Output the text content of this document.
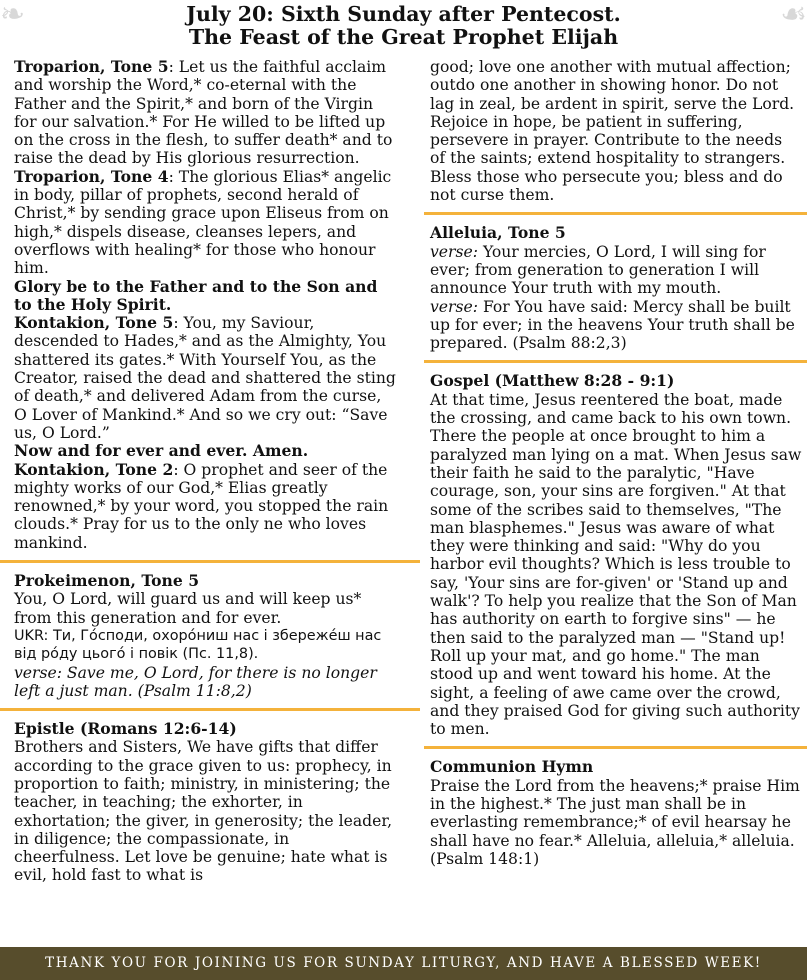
❧	☙
July 20: Sixth Sunday after Pentecost.
The Feast of the Great Prophet Elijah

Troparion, Tone 5: Let us the faithful acclaim and worship the Word,* co-eternal with the Father and the Spirit,* and born of the Virgin for our salvation.* For He willed to be lifted up on the cross in the flesh, to suffer death* and to raise the dead by His glorious resurrection.

Troparion, Tone 4: The glorious Elias* angelic in body, pillar of prophets, second herald of Christ,* by sending grace upon Eliseus from on high,* dispels disease, cleanses lepers, and overflows with healing* for those who honour him.

Glory be to the Father and to the Son and to the Holy Spirit.

Kontakion, Tone 5: You, my Saviour, descended to Hades,* and as the Almighty, You shattered its gates.* With Yourself You, as the Creator, raised the dead and shattered the sting of death,* and delivered Adam from the curse, O Lover of Mankind.* And so we cry out: “Save us, O Lord.”

Now and for ever and ever. Amen.

Kontakion, Tone 2: O prophet and seer of the mighty works of our God,* Elias greatly renowned,* by your word, you stopped the rain clouds.* Pray for us to the only ne who loves mankind.

Prokeimenon, Tone 5

You, O Lord, will guard us and will keep us* from this generation and for ever.

UKR: Ти, Го́споди, охоро́ниш нас і збереже́ш нас від ро́ду цього́ і повік (Пс. 11,8).

verse: Save me, O Lord, for there is no longer left a just man. (Psalm 11:8,2)

Epistle (Romans 12:6-14)

Brothers and Sisters, We have gifts that differ according to the grace given to us: prophecy, in proportion to faith; ministry, in ministering; the teacher, in teaching; the exhorter, in exhortation; the giver, in generosity; the leader, in diligence; the compassionate, in cheerfulness. Let love be genuine; hate what is evil, hold fast to what is

good; love one another with mutual affection; outdo one another in showing honor. Do not lag in zeal, be ardent in spirit, serve the Lord. Rejoice in hope, be patient in suffering, persevere in prayer. Contribute to the needs of the saints; extend hospitality to strangers. Bless those who persecute you; bless and do not curse them.

Alleluia, Tone 5

verse: Your mercies, O Lord, I will sing for ever; from generation to generation I will announce Your truth with my mouth.

verse: For You have said: Mercy shall be built up for ever; in the heavens Your truth shall be prepared. (Psalm 88:2,3)

Gospel (Matthew 8:28 - 9:1)

At that time, Jesus reentered the boat, made the crossing, and came back to his own town. There the people at once brought to him a paralyzed man lying on a mat. When Jesus saw their faith he said to the paralytic, "Have courage, son, your sins are forgiven." At that some of the scribes said to themselves, "The man blasphemes." Jesus was aware of what they were thinking and said: "Why do you harbor evil thoughts? Which is less trouble to say, 'Your sins are for-given' or 'Stand up and walk'? To help you realize that the Son of Man has authority on earth to forgive sins" — he then said to the paralyzed man — "Stand up! Roll up your mat, and go home." The man stood up and went toward his home. At the sight, a feeling of awe came over the crowd, and they praised God for giving such authority to men.

Communion Hymn

Praise the Lord from the heavens;* praise Him in the highest.* The just man shall be in everlasting remembrance;* of evil hearsay he shall have no fear.* Alleluia, alleluia,* alleluia. (Psalm 148:1)

THANK YOU FOR JOINING US FOR SUNDAY LITURGY, AND HAVE A BLESSED WEEK!
